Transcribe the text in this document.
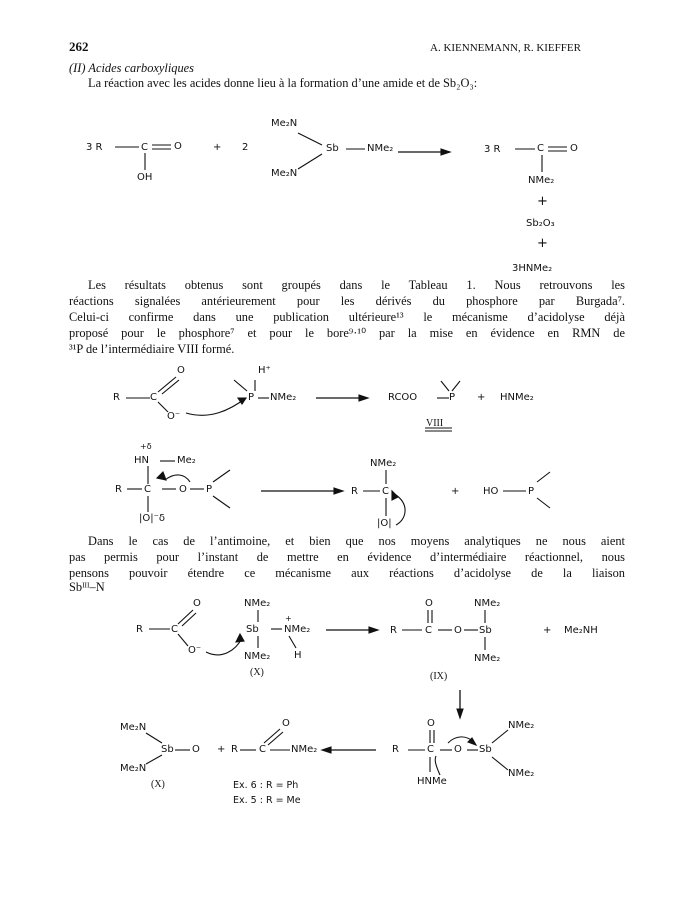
262	A. KIENNEMANN, R. KIEFFER
(II) Acides carboxyliques
La réaction avec les acides donne lieu à la formation d’une amide et de Sb₂O₃:
3 R	C	O
OH
+ 2
Me₂N
Sb	NMe₂
Me₂N
3 R	C	O
NMe₂
+
Sb₂O₃
+
3HNMe₂
Les résultats obtenus sont groupés dans le Tableau 1. Nous retrouvons les
réactions signalées antérieurement pour les dérivés du phosphore par Burgada⁷.
Celui-ci confirme dans une publication ultérieure¹³ le mécanisme d’acidolyse déjà
proposé pour le phosphore⁷ et pour le bore⁹·¹⁰ par la mise en évidence en RMN de
³¹P de l’intermédiaire VIII formé.
O	H⁺
R	C
O⁻
P NMe₂	RCOO	P + HNMe₂
VIII
+δ
HN	Me₂
R C	O P
|O|⁻δ
NMe₂
R C
|O|
+ HO	P
Dans le cas de l’antimoine, et bien que nos moyens analytiques ne nous aient
pas permis pour l’instant de mettre en évidence d’intermédiaire réactionnel, nous
pensons pouvoir étendre ce mécanisme aux réactions d’acidolyse de la liaison
Sbᴵᴵᴵ–N
O
R	C
O⁻
NMe₂
Sb
+
NMe₂
NMe₂ H
(X)
O	NMe₂
R	C O Sb
NMe₂
(IX)
+ Me₂NH
Me₂N
Sb O
Me₂N
(X)
+
O
R C	NMe₂
Ex. 6 : R = Ph
Ex. 5 : R = Me
O
R	C O Sb
NMe₂
NMe₂
HNMe
